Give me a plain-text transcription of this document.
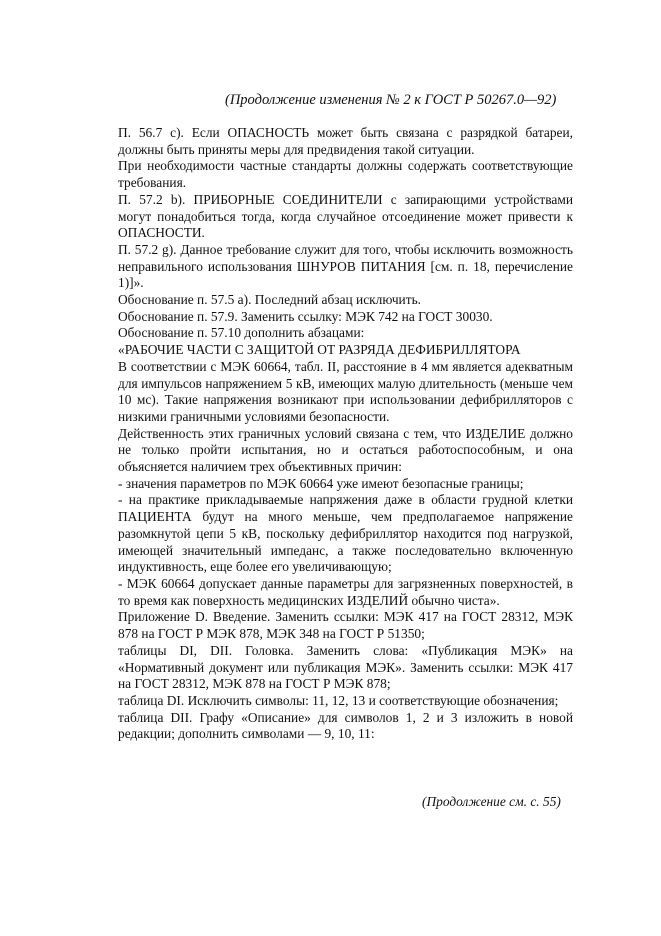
(Продолжение изменения № 2 к ГОСТ Р 50267.0—92)

П. 56.7 с). Если ОПАСНОСТЬ может быть связана с разрядкой батареи, должны быть приняты меры для предвидения такой ситуации.

При необходимости частные стандарты должны содержать соответствующие требования.

П. 57.2 b). ПРИБОРНЫЕ СОЕДИНИТЕЛИ с запирающими устройствами могут понадобиться тогда, когда случайное отсоединение может привести к ОПАСНОСТИ.

П. 57.2 g). Данное требование служит для того, чтобы исключить возможность неправильного использования ШНУРОВ ПИТАНИЯ [см. п. 18, перечисление 1)]».

Обоснование п. 57.5 а). Последний абзац исключить.

Обоснование п. 57.9. Заменить ссылку: МЭК 742 на ГОСТ 30030.

Обоснование п. 57.10 дополнить абзацами:

«РАБОЧИЕ ЧАСТИ С ЗАЩИТОЙ ОТ РАЗРЯДА ДЕФИБРИЛЛЯТОРА

В соответствии с МЭК 60664, табл. II, расстояние в 4 мм является адекватным для импульсов напряжением 5 кВ, имеющих малую длительность (меньше чем 10 мс). Такие напряжения возникают при использовании дефибрилляторов с низкими граничными условиями безопасности.

Действенность этих граничных условий связана с тем, что ИЗДЕЛИЕ должно не только пройти испытания, но и остаться работоспособным, и она объясняется наличием трех объективных причин:

- значения параметров по МЭК 60664 уже имеют безопасные границы;

- на практике прикладываемые напряжения даже в области грудной клетки ПАЦИЕНТА будут на много меньше, чем предполагаемое напряжение разомкнутой цепи 5 кВ, поскольку дефибриллятор находится под нагрузкой, имеющей значительный импеданс, а также последовательно включенную индуктивность, еще более его увеличивающую;

- МЭК 60664 допускает данные параметры для загрязненных поверхностей, в то время как поверхность медицинских ИЗДЕЛИЙ обычно чиста».

Приложение D. Введение. Заменить ссылки: МЭК 417 на ГОСТ 28312, МЭК 878 на ГОСТ Р МЭК 878, МЭК 348 на ГОСТ Р 51350;

таблицы DI, DII. Головка. Заменить слова: «Публикация МЭК» на «Нормативный документ или публикация МЭК». Заменить ссылки: МЭК 417 на ГОСТ 28312, МЭК 878 на ГОСТ Р МЭК 878;

таблица DI. Исключить символы: 11, 12, 13 и соответствующие обозначения;

таблица DII. Графу «Описание» для символов 1, 2 и 3 изложить в новой редакции; дополнить символами — 9, 10, 11:

(Продолжение см. с. 55)
